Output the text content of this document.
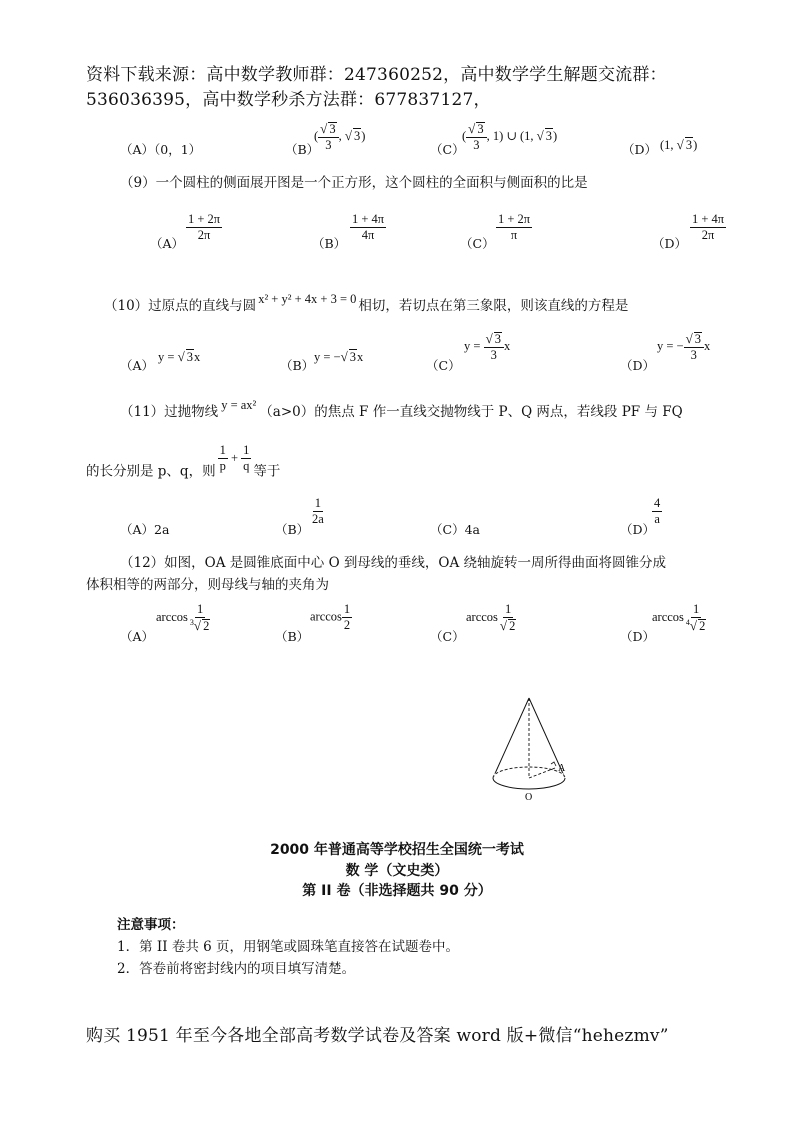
资料下载来源：高中数学教师群：247360252，高中数学学生解题交流群：
536036395，高中数学秒杀方法群：677837127，
（A）（0，1）	（B）
( $\frac{√ 3}{3}$ , √ 3)
（C）
( $\frac{√ 3}{3}$ , 1) ∪ (1, √ 3)
（D） (1, √ 3)
（9）一个圆柱的侧面展开图是一个正方形，这个圆柱的全面积与侧面积的比是
（A）
$\frac{1 + 2\pi}{2\pi}$
（B）
$\frac{1 + 4\pi}{4\pi}$
（C）
$\frac{1 + 2\pi}{\pi}$
（D）
$\frac{1 + 4\pi}{2\pi}$
（10）过原点的直线与圆 x² + y² + 4x + 3 = 0 相切，若切点在第三象限，则该直线的方程是
（A）
y = √ 3x
（B）
y = −√ 3x
（C）
$y = \frac{√ 3}{3}$ x
（D）
y = − $\frac{√ 3}{3}$ x
（11）过抛物线 y = ax² （a>0）的焦点 F 作一直线交抛物线于 P、Q 两点，若线段 PF 与 FQ
的长分别是 p、q，则 $\frac{1}{p} + \frac{1}{q}$ 等于
（A）2a	（B）
$\frac{1}{2a}$
（C）4a	（D）
$\frac{4}{a}$
（12）如图，OA 是圆锥底面中心 O 到母线的垂线，OA 绕轴旋转一周所得曲面将圆锥分成
体积相等的两部分，则母线与轴的夹角为
（A）
$\arccos \frac{1}{^3√ 2}$
（B）
$\arccos \frac{1}{2}$
（C）
$\arccos \frac{1}{√ 2}$
（D）
$\arccos \frac{1}{^4√ 2}$
A
O
2000 年普通高等学校招生全国统一考试
数 学（文史类）
第 II 卷（非选择题共 90 分）
注意事项：
1．第 II 卷共 6 页，用钢笔或圆珠笔直接答在试题卷中。
2．答卷前将密封线内的项目填写清楚。
购买 1951 年至今各地全部高考数学试卷及答案 word 版+微信“hehezmv”
